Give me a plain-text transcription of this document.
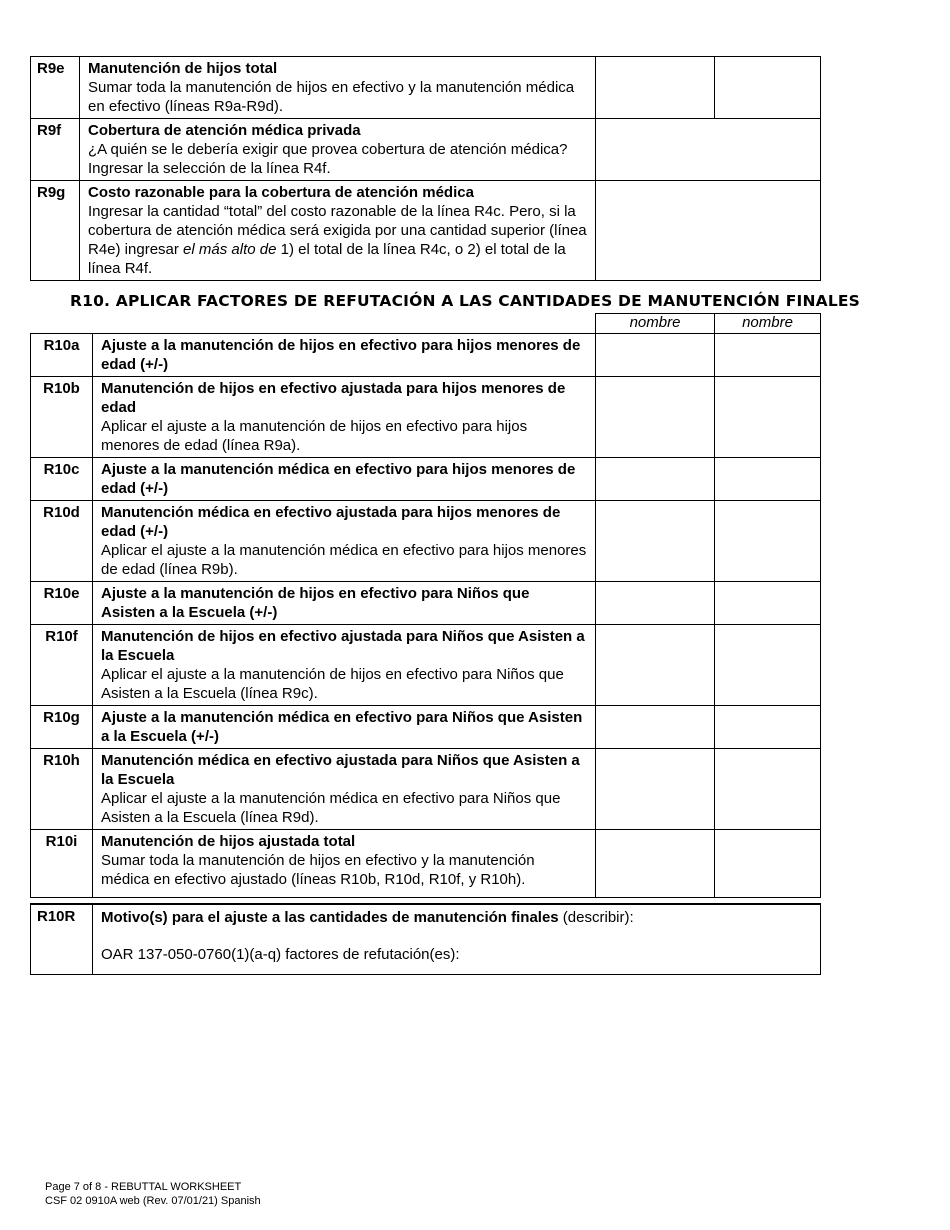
R9e	Manutención de hijos total
Sumar toda la manutención de hijos en efectivo y la manutención médica en efectivo (líneas R9a-R9d).		

R9f	Cobertura de atención médica privada
¿A quién se le debería exigir que provea cobertura de atención médica? Ingresar la selección de la línea R4f.		

R9g	Costo razonable para la cobertura de atención médica
Ingresar la cantidad “total” del costo razonable de la línea R4c. Pero, si la cobertura de atención médica será exigida por una cantidad superior (línea R4e) ingresar el más alto de 1) el total de la línea R4c, o 2) el total de la línea R4f.		

R10. APLICAR FACTORES DE REFUTACIÓN A LAS CANTIDADES DE MANUTENCIÓN FINALES
		nombre	nombre
R10a	Ajuste a la manutención de hijos en efectivo para hijos menores de edad (+/-)		

R10b	Manutención de hijos en efectivo ajustada para hijos menores de edad
Aplicar el ajuste a la manutención de hijos en efectivo para hijos menores de edad (línea R9a).		

R10c	Ajuste a la manutención médica en efectivo para hijos menores de edad (+/-)		

R10d	Manutención médica en efectivo ajustada para hijos menores de edad (+/-)
Aplicar el ajuste a la manutención médica en efectivo para hijos menores de edad (línea R9b).		

R10e	Ajuste a la manutención de hijos en efectivo para Niños que Asisten a la Escuela (+/-)		

R10f	Manutención de hijos en efectivo ajustada para Niños que Asisten a la Escuela
Aplicar el ajuste a la manutención de hijos en efectivo para Niños que Asisten a la Escuela (línea R9c).		

R10g	Ajuste a la manutención médica en efectivo para Niños que Asisten a la Escuela (+/-)		

R10h	Manutención médica en efectivo ajustada para Niños que Asisten a la Escuela
Aplicar el ajuste a la manutención médica en efectivo para Niños que Asisten a la Escuela (línea R9d).		

R10i	Manutención de hijos ajustada total
Sumar toda la manutención de hijos en efectivo y la manutención médica en efectivo ajustado (líneas R10b, R10d, R10f, y R10h).		

R10R	Motivo(s) para el ajuste a las cantidades de manutención finales (describir):
OAR 137-050-0760(1)(a-q) factores de refutación(es):		
Page 7 of 8 - REBUTTAL WORKSHEET
CSF 02 0910A web (Rev. 07/01/21) Spanish
